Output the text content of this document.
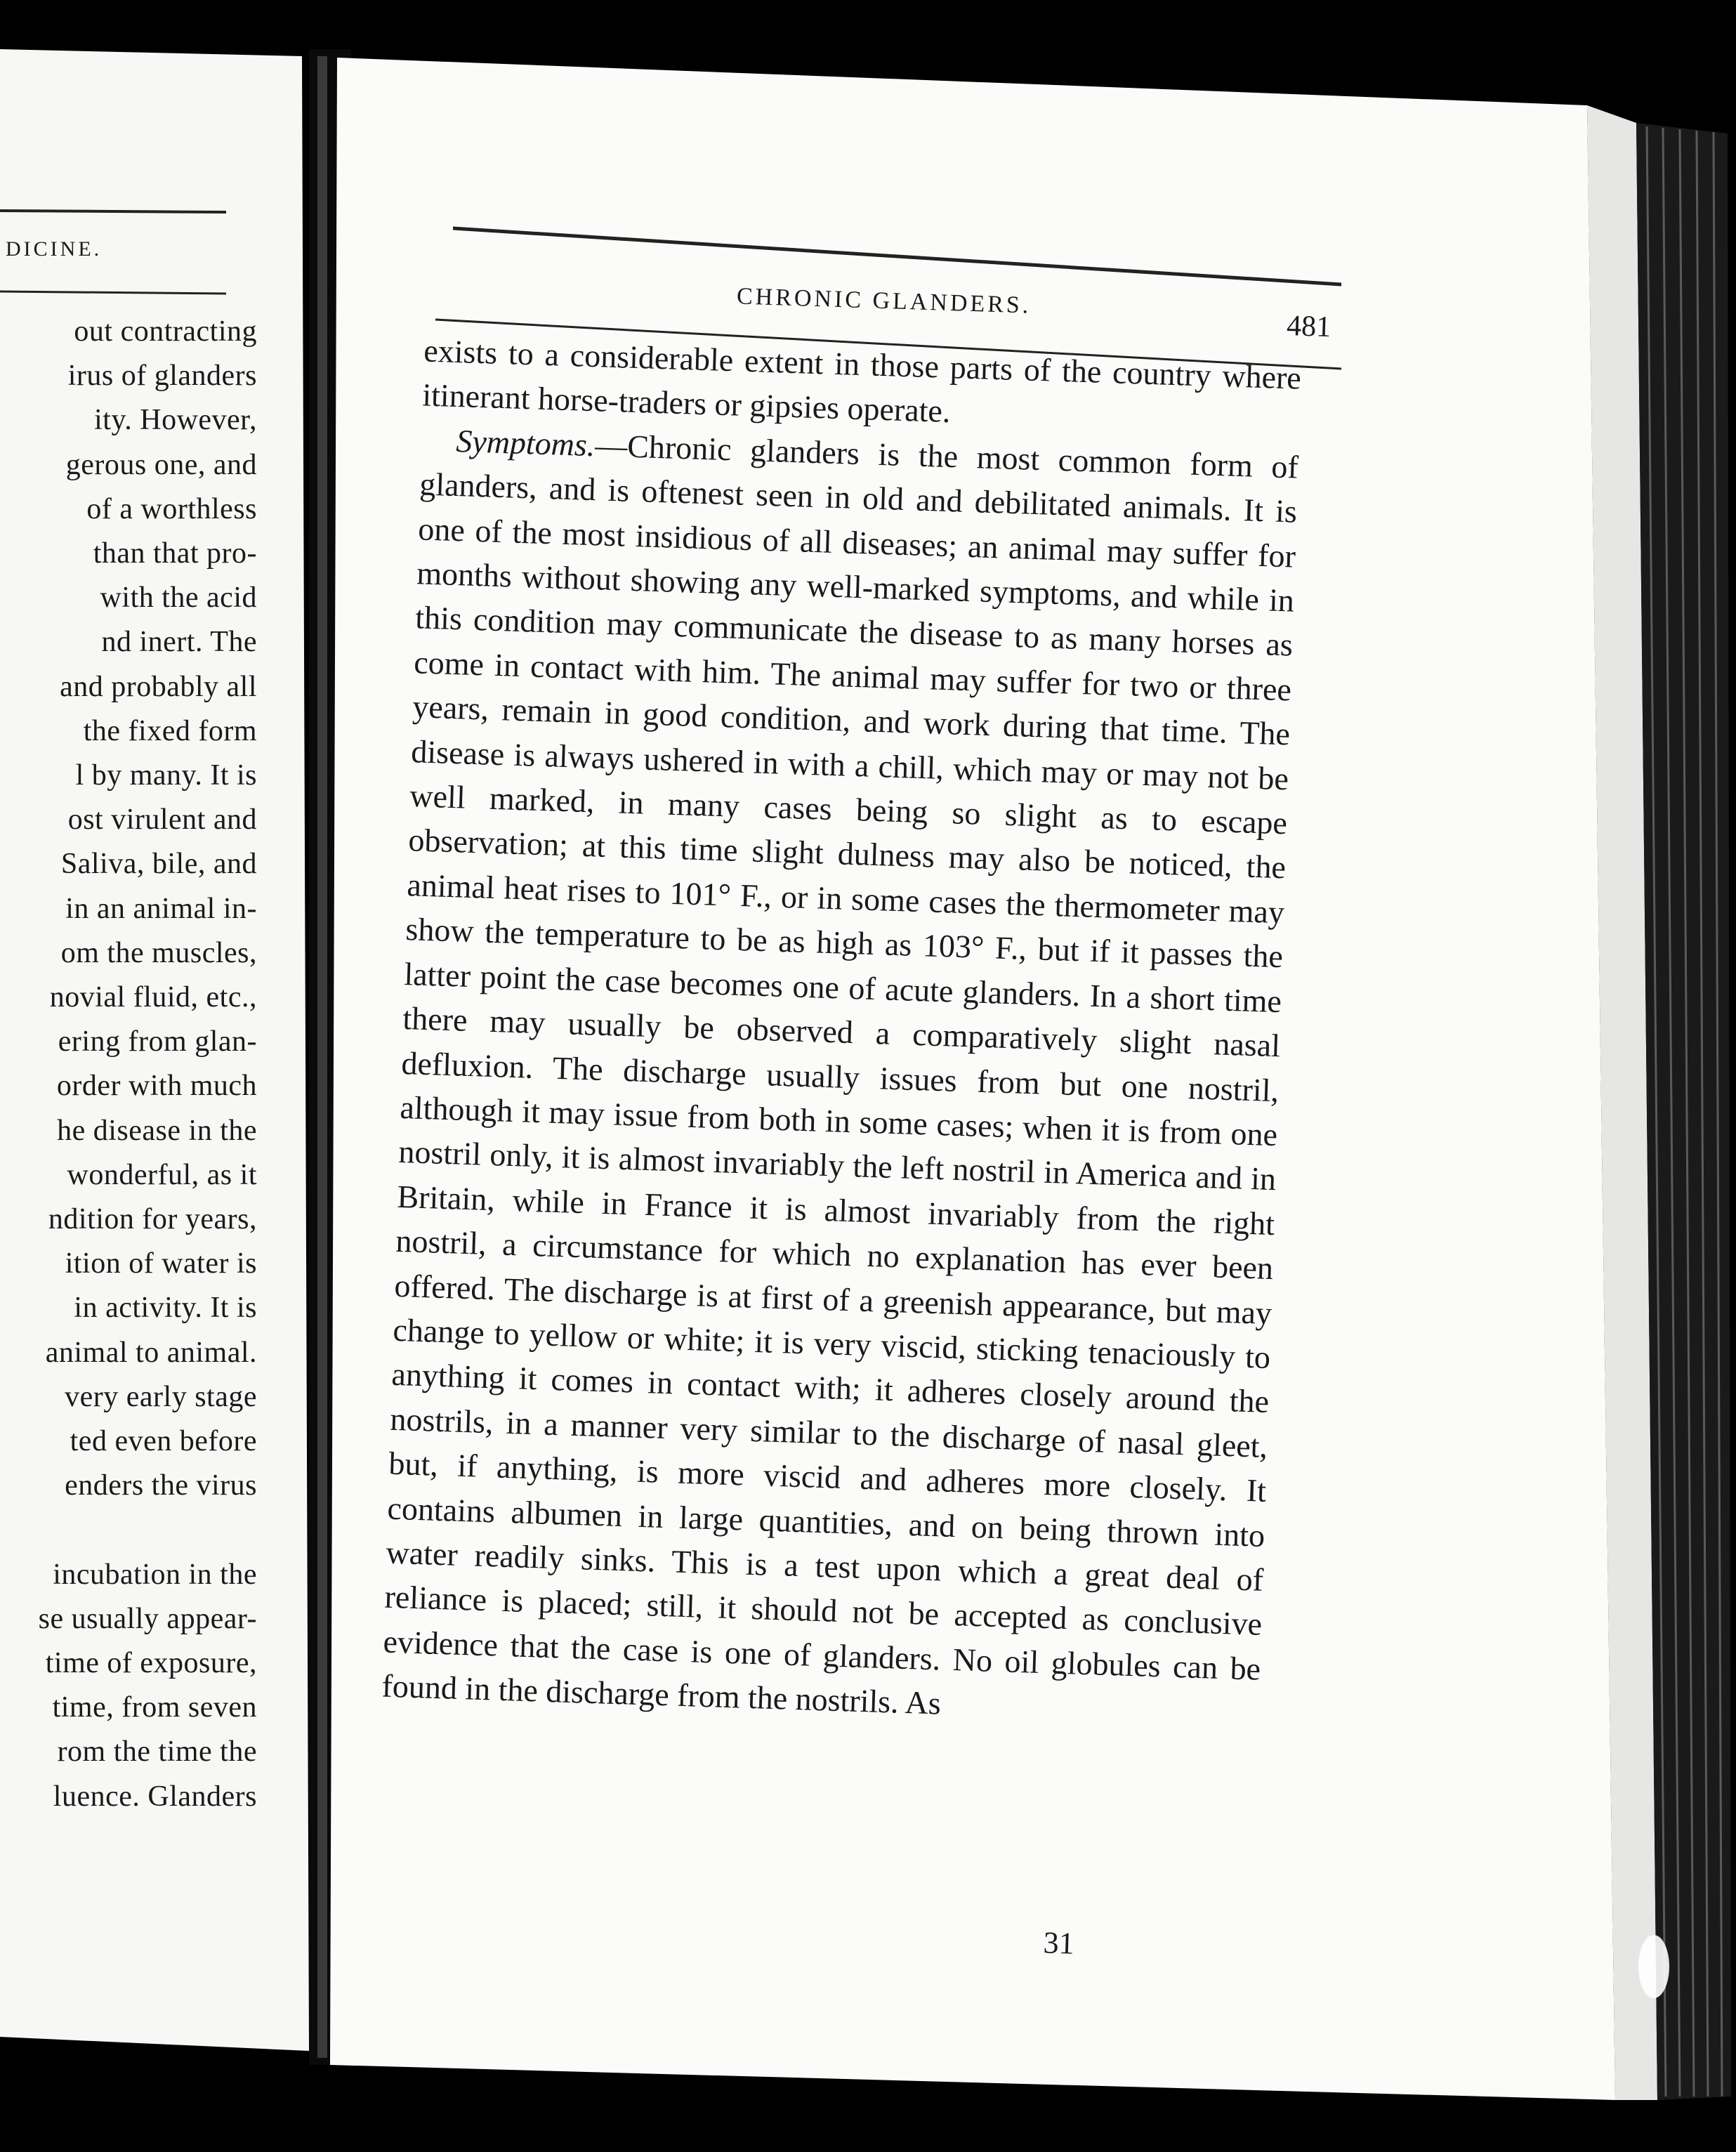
DICINE.
out contracting
irus of glanders
ity. However,
gerous one, and
of a worthless
than that pro-
with the acid
nd inert. The
and probably all
the fixed form
l by many. It is
ost virulent and
Saliva, bile, and
in an animal in-
om the muscles,
novial fluid, etc.,
ering from glan-
order with much
he disease in the
wonderful, as it
ndition for years,
ition of water is
in activity. It is
animal to animal.
very early stage
ted even before
enders the virus
incubation in the
se usually appear-
time of exposure,
time, from seven
rom the time the
luence. Glanders
CHRONIC GLANDERS.
481

exists to a considerable extent in those parts of the country where itinerant horse-traders or gipsies operate.

Symptoms.—Chronic glanders is the most common form of glanders, and is oftenest seen in old and debilitated animals. It is one of the most insidious of all diseases; an animal may suffer for months without showing any well-marked symptoms, and while in this condition may communicate the disease to as many horses as come in contact with him. The animal may suffer for two or three years, remain in good condition, and work during that time. The disease is always ushered in with a chill, which may or may not be well marked, in many cases being so slight as to escape observation; at this time slight dulness may also be noticed, the animal heat rises to 101° F., or in some cases the thermometer may show the temperature to be as high as 103° F., but if it passes the latter point the case becomes one of acute glanders. In a short time there may usually be observed a comparatively slight nasal defluxion. The discharge usually issues from but one nostril, although it may issue from both in some cases; when it is from one nostril only, it is almost invariably the left nostril in America and in Britain, while in France it is almost invariably from the right nostril, a circumstance for which no explanation has ever been offered. The discharge is at first of a greenish appearance, but may change to yellow or white; it is very viscid, sticking tenaciously to anything it comes in contact with; it adheres closely around the nostrils, in a manner very similar to the discharge of nasal gleet, but, if anything, is more viscid and adheres more closely. It contains albumen in large quantities, and on being thrown into water readily sinks. This is a test upon which a great deal of reliance is placed; still, it should not be accepted as conclusive evidence that the case is one of glanders. No oil globules can be found in the discharge from the nostrils. As

31
